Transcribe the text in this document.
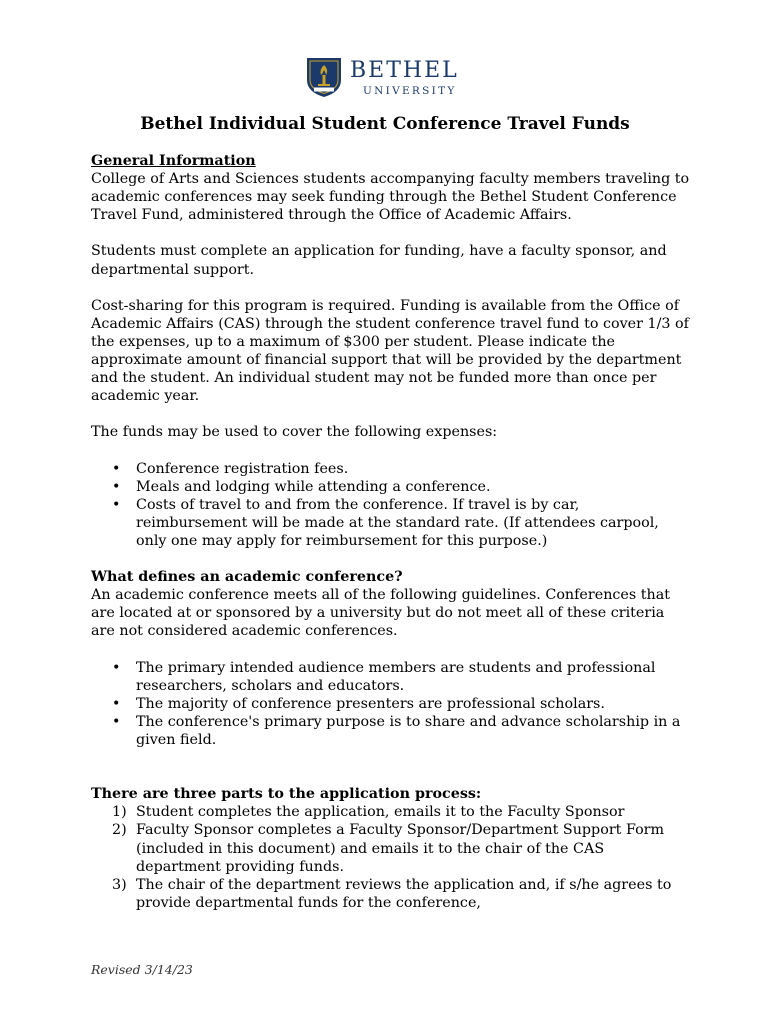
BETHEL
UNIVERSITY
Bethel Individual Student Conference Travel Funds

General Information

College of Arts and Sciences students accompanying faculty members traveling to academic conferences may seek funding through the Bethel Student Conference Travel Fund, administered through the Office of Academic Affairs.

Students must complete an application for funding, have a faculty sponsor, and departmental support.

Cost-sharing for this program is required. Funding is available from the Office of Academic Affairs (CAS) through the student conference travel fund to cover 1/3 of the expenses, up to a maximum of $300 per student. Please indicate the approximate amount of financial support that will be provided by the department and the student. An individual student may not be funded more than once per academic year.

The funds may be used to cover the following expenses:

• Conference registration fees.
• Meals and lodging while attending a conference.
• Costs of travel to and from the conference. If travel is by car, reimbursement will be made at the standard rate. (If attendees carpool, only one may apply for reimbursement for this purpose.)

What defines an academic conference?

An academic conference meets all of the following guidelines. Conferences that are located at or sponsored by a university but do not meet all of these criteria are not considered academic conferences.

• The primary intended audience members are students and professional researchers, scholars and educators.
• The majority of conference presenters are professional scholars.
• The conference's primary purpose is to share and advance scholarship in a given field.

There are three parts to the application process:

1) Student completes the application, emails it to the Faculty Sponsor
2) Faculty Sponsor completes a Faculty Sponsor/Department Support Form (included in this document) and emails it to the chair of the CAS department providing funds.
3) The chair of the department reviews the application and, if s/he agrees to provide departmental funds for the conference,
Revised 3/14/23
